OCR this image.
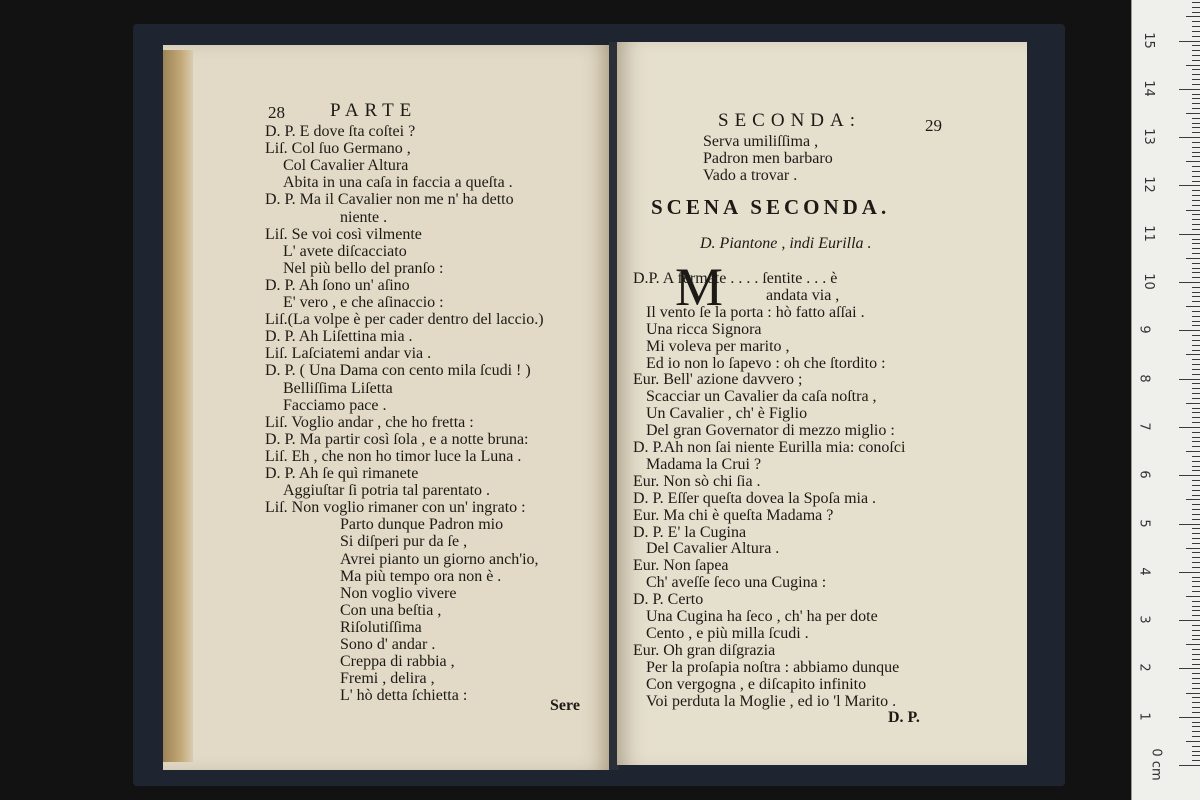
28 PARTE
D. P. E dove ſta coſtei ?
Liſ. Col ſuo Germano ,
Col Cavalier Altura
Abita in una caſa in faccia a queſta .
D. P. Ma il Cavalier non me n' ha detto
niente .
Liſ. Se voi così vilmente
L' avete diſcacciato
Nel più bello del pranſo :
D. P. Ah ſono un' aſino
E' vero , e che aſinaccio :
Liſ.(La volpe è per cader dentro del laccio.)
D. P. Ah Liſettina mia .
Liſ. Laſciatemi andar via .
D. P. ( Una Dama con cento mila ſcudi ! )
Belliſſima Liſetta
Facciamo pace .
Liſ. Voglio andar , che ho fretta :
D. P. Ma partir così ſola , e a notte bruna:
Liſ. Eh , che non ho timor luce la Luna .
D. P. Ah ſe quì rimanete
Aggiuſtar ſi potria tal parentato .
Liſ. Non voglio rimaner con un' ingrato :
Parto dunque Padron mio
Si diſperi pur da ſe ,
Avrei pianto un giorno anch'io,
Ma più tempo ora non è .
Non voglio vivere
Con una beſtia ,
Riſolutiſſima
Sono d' andar .
Creppa di rabbia ,
Fremi , delira ,
L' hò detta ſchietta :
Sere
SECONDA:	29
Serva umiliſſima ,
Padron men barbaro
Vado a trovar .
SCENA SECONDA.
D. Piantone , indi Eurilla .
M
D.P. A fermate . . . . ſentite . . . è
andata via ,
Il vento ſe la porta : hò fatto aſſai .
Una ricca Signora
Mi voleva per marito ,
Ed io non lo ſapevo : oh che ſtordito :
Eur. Bell' azione davvero ;
Scacciar un Cavalier da caſa noſtra ,
Un Cavalier , ch' è Figlio
Del gran Governator di mezzo miglio :
D. P.Ah non ſai niente Eurilla mia: conoſci
Madama la Crui ?
Eur. Non sò chi ſia .
D. P. Eſſer queſta dovea la Spoſa mia .
Eur. Ma chi è queſta Madama ?
D. P. E' la Cugina
Del Cavalier Altura .
Eur. Non ſapea
Ch' aveſſe ſeco una Cugina :
D. P. Certo
Una Cugina ha ſeco , ch' ha per dote
Cento , e più milla ſcudi .
Eur. Oh gran diſgrazia
Per la proſapia noſtra : abbiamo dunque
Con vergogna , e diſcapito infinito
Voi perduta la Moglie , ed io 'l Marito .
D. P.
15
14
13
12
11
10
9
8
7
6
5
4
3
2
1
0 cm
